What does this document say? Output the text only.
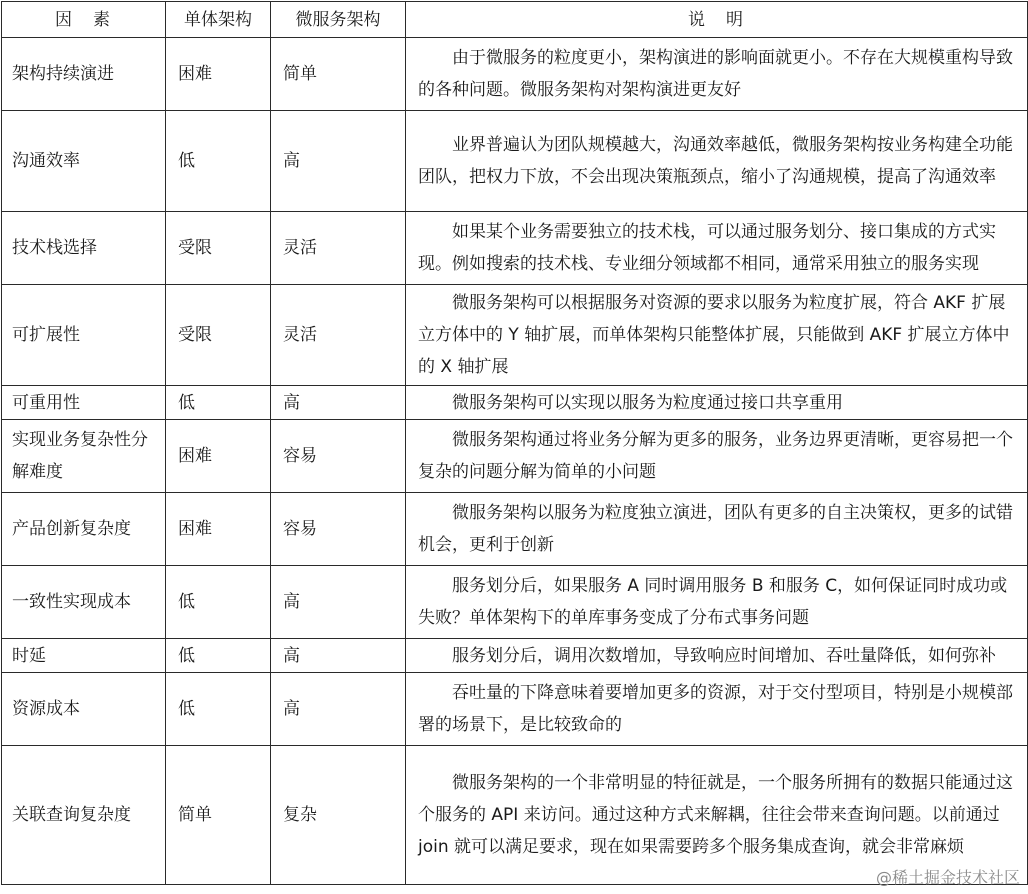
因　素	单体架构	微服务架构	说　明
架构持续演进	困难	简单	由于微服务的粒度更小，架构演进的影响面就更小。不存在大规模重构导致的各种问题。微服务架构对架构演进更友好
沟通效率	低	高	业界普遍认为团队规模越大，沟通效率越低，微服务架构按业务构建全功能团队，把权力下放，不会出现决策瓶颈点，缩小了沟通规模，提高了沟通效率
技术栈选择	受限	灵活	如果某个业务需要独立的技术栈，可以通过服务划分、接口集成的方式实现。例如搜索的技术栈、专业细分领域都不相同，通常采用独立的服务实现
可扩展性	受限	灵活	微服务架构可以根据服务对资源的要求以服务为粒度扩展，符合 AKF 扩展立方体中的 Y 轴扩展，而单体架构只能整体扩展，只能做到 AKF 扩展立方体中的 X 轴扩展
可重用性	低	高	微服务架构可以实现以服务为粒度通过接口共享重用
实现业务复杂性分解难度	困难	容易	微服务架构通过将业务分解为更多的服务，业务边界更清晰，更容易把一个复杂的问题分解为简单的小问题
产品创新复杂度	困难	容易	微服务架构以服务为粒度独立演进，团队有更多的自主决策权，更多的试错机会，更利于创新
一致性实现成本	低	高	服务划分后，如果服务 A 同时调用服务 B 和服务 C，如何保证同时成功或失败？单体架构下的单库事务变成了分布式事务问题
时延	低	高	服务划分后，调用次数增加，导致响应时间增加、吞吐量降低，如何弥补
资源成本	低	高	吞吐量的下降意味着要增加更多的资源，对于交付型项目，特别是小规模部署的场景下，是比较致命的
关联查询复杂度	简单	复杂	微服务架构的一个非常明显的特征就是，一个服务所拥有的数据只能通过这个服务的 API 来访问。通过这种方式来解耦，往往会带来查询问题。以前通过 join 就可以满足要求，现在如果需要跨多个服务集成查询，就会非常麻烦
@稀土掘金技术社区
